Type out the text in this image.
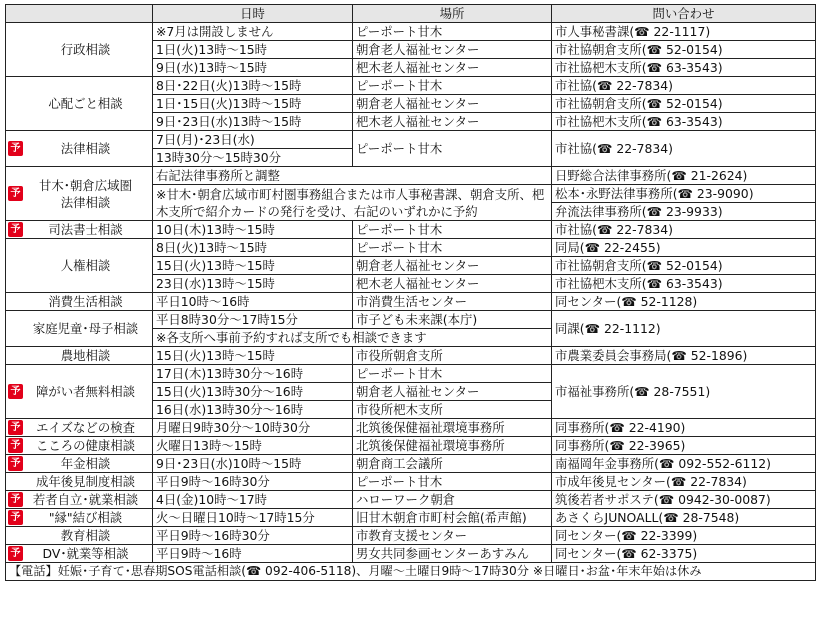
	日時	場所	問い合わせ
行政相談	※7月は開設しません	ピーポート甘木	市人事秘書課(☎ 22-1117)
	1日(火)13時～15時	朝倉老人福祉センター	市社協朝倉支所(☎ 52-0154)
	9日(水)13時～15時	杷木老人福祉センター	市社協杷木支所(☎ 63-3543)
心配ごと相談	8日･22日(火)13時～15時	ピーポート甘木	市社協(☎ 22-7834)
	1日･15日(火)13時～15時	朝倉老人福祉センター	市社協朝倉支所(☎ 52-0154)
	9日･23日(水)13時～15時	杷木老人福祉センター	市社協杷木支所(☎ 63-3543)

予 法律相談	7日(月)･23日(水)	ピーポート甘木	市社協(☎ 22-7834)
	13時30分～15時30分		

予
甘木･朝倉広域圏
法律相談	右記法律事務所と調整		日野総合法律事務所(☎ 21-2624)
	※甘木･朝倉広域市町村圏事務組合または市人事秘書課、朝倉支所、杷木支所で紹介カードの発行を受け、右記のいずれかに予約		松本･永野法律事務所(☎ 23-9090)
			弁流法律事務所(☎ 23-9933)

予 司法書士相談	10日(木)13時～15時	ピーポート甘木	市社協(☎ 22-7834)
人権相談	8日(火)13時～15時	ピーポート甘木	同局(☎ 22-2455)
	15日(火)13時～15時	朝倉老人福祉センター	市社協朝倉支所(☎ 52-0154)
	23日(水)13時～15時	杷木老人福祉センター	市社協杷木支所(☎ 63-3543)
消費生活相談	平日10時～16時	市消費生活センター	同センター(☎ 52-1128)
家庭児童･母子相談	平日8時30分～17時15分	市子ども未来課(本庁)	同課(☎ 22-1112)
	※各支所へ事前予約すれば支所でも相談できます		
農地相談	15日(火)13時～15時	市役所朝倉支所	市農業委員会事務局(☎ 52-1896)

予 障がい者無料相談	17日(木)13時30分～16時	ピーポート甘木	市福祉事務所(☎ 28-7551)
	15日(火)13時30分～16時	朝倉老人福祉センター	
	16日(水)13時30分～16時	市役所杷木支所	

予 エイズなどの検査	月曜日9時30分～10時30分	北筑後保健福祉環境事務所	同事務所(☎ 22-4190)

予 こころの健康相談	火曜日13時～15時	北筑後保健福祉環境事務所	同事務所(☎ 22-3965)

予 年金相談	9日･23日(水)10時～15時	朝倉商工会議所	南福岡年金事務所(☎ 092-552-6112)
成年後見制度相談	平日9時～16時30分	ピーポート甘木	市成年後見センター(☎ 22-7834)

予 若者自立･就業相談	4日(金)10時～17時	ハローワーク朝倉	筑後若者サポステ(☎ 0942-30-0087)

予 "縁"結び相談	火～日曜日10時～17時15分	旧甘木朝倉市町村会館(希声館)	あさくらJUNOALL(☎ 28-7548)
教育相談	平日9時～16時30分	市教育支援センター	同センター(☎ 22-3399)

予 DV･就業等相談	平日9時～16時	男女共同参画センターあすみん	同センター(☎ 62-3375)
【電話】妊娠･子育て･思春期SOS電話相談(☎ 092-406-5118)、月曜～土曜日9時～17時30分 ※日曜日･お盆･年末年始は休み			
